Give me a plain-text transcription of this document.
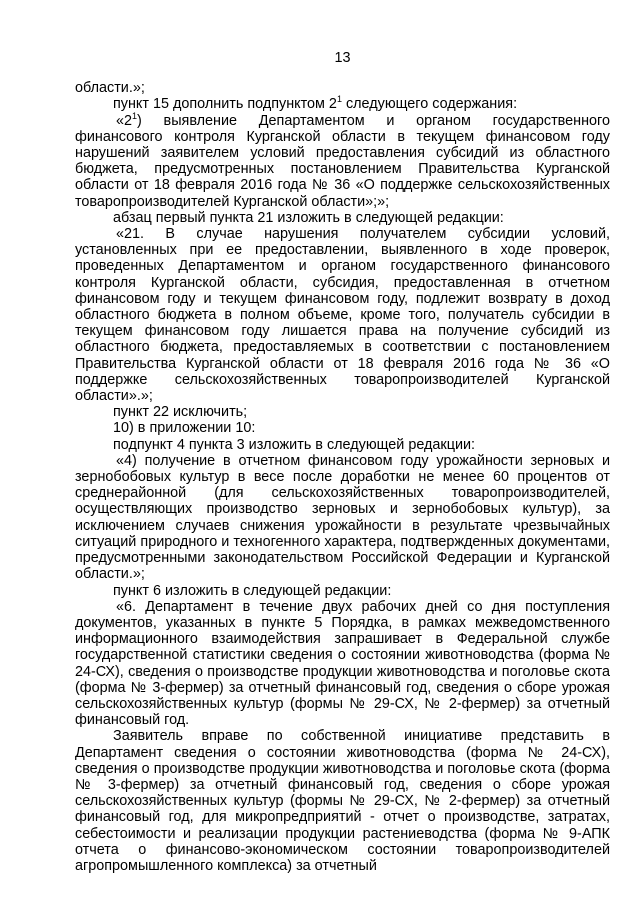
13

области.»;

пункт 15 дополнить подпунктом $2^1$ следующего содержания:

«$2^1$) выявление Департаментом и органом государственного финансового контроля Курганской области в текущем финансовом году нарушений заявителем условий предоставления субсидий из областного бюджета, предусмотренных постановлением Правительства Курганской области от 18 февраля 2016 года № 36 «О поддержке сельскохозяйственных товаропроизводителей Курганской области»;»;

абзац первый пункта 21 изложить в следующей редакции:

«21. В случае нарушения получателем субсидии условий, установленных при ее предоставлении, выявленного в ходе проверок, проведенных Департаментом и органом государственного финансового контроля Курганской области, субсидия, предоставленная в отчетном финансовом году и текущем финансовом году, подлежит возврату в доход областного бюджета в полном объеме, кроме того, получатель субсидии в текущем финансовом году лишается права на получение субсидий из областного бюджета, предоставляемых в соответствии с постановлением Правительства Курганской области от 18 февраля 2016 года № 36 «О поддержке сельскохозяйственных товаропроизводителей Курганской области».»;

пункт 22 исключить;

10) в приложении 10:

подпункт 4 пункта 3 изложить в следующей редакции:

«4) получение в отчетном финансовом году урожайности зерновых и зернобобовых культур в весе после доработки не менее 60 процентов от среднерайонной (для сельскохозяйственных товаропроизводителей, осуществляющих производство зерновых и зернобобовых культур), за исключением случаев снижения урожайности в результате чрезвычайных ситуаций природного и техногенного характера, подтвержденных документами, предусмотренными законодательством Российской Федерации и Курганской области.»;

пункт 6 изложить в следующей редакции:

«6. Департамент в течение двух рабочих дней со дня поступления документов, указанных в пункте 5 Порядка, в рамках межведомственного информационного взаимодействия запрашивает в Федеральной службе государственной статистики сведения о состоянии животноводства (форма № 24-СХ), сведения о производстве продукции животноводства и поголовье скота (форма № 3-фермер) за отчетный финансовый год, сведения о сборе урожая сельскохозяйственных культур (формы № 29-СХ, № 2-фермер) за отчетный финансовый год.

Заявитель вправе по собственной инициативе представить в Департамент сведения о состоянии животноводства (форма № 24-СХ), сведения о производстве продукции животноводства и поголовье скота (форма № 3-фермер) за отчетный финансовый год, сведения о сборе урожая сельскохозяйственных культур (формы № 29-СХ, № 2-фермер) за отчетный финансовый год, для микропредприятий - отчет о производстве, затратах, себестоимости и реализации продукции растениеводства (форма № 9-АПК отчета о финансово-экономическом состоянии товаропроизводителей агропромышленного комплекса) за отчетный
